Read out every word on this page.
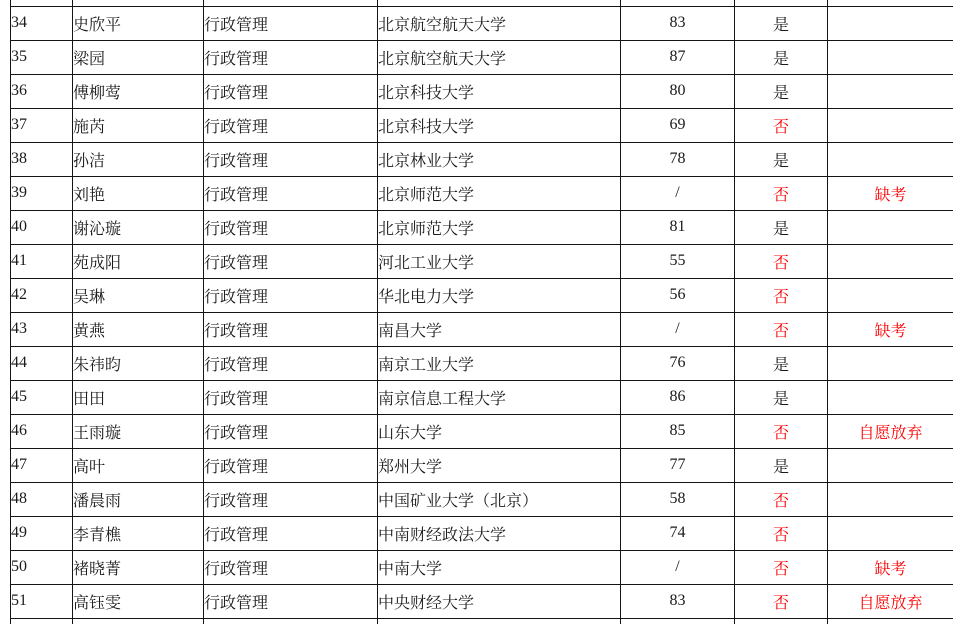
34	史欣平	行政管理	北京航空航天大学	83	是	
35	梁园	行政管理	北京航空航天大学	87	是	
36	傅柳莺	行政管理	北京科技大学	80	是	
37	施芮	行政管理	北京科技大学	69	否	
38	孙洁	行政管理	北京林业大学	78	是	
39	刘艳	行政管理	北京师范大学	/	否	缺考
40	谢沁璇	行政管理	北京师范大学	81	是	
41	苑成阳	行政管理	河北工业大学	55	否	
42	吴琳	行政管理	华北电力大学	56	否	
43	黄燕	行政管理	南昌大学	/	否	缺考
44	朱祎昀	行政管理	南京工业大学	76	是	
45	田田	行政管理	南京信息工程大学	86	是	
46	王雨璇	行政管理	山东大学	85	否	自愿放弃
47	高叶	行政管理	郑州大学	77	是	
48	潘晨雨	行政管理	中国矿业大学（北京）	58	否	
49	李青樵	行政管理	中南财经政法大学	74	否	
50	褚晓菁	行政管理	中南大学	/	否	缺考
51	高钰雯	行政管理	中央财经大学	83	否	自愿放弃
